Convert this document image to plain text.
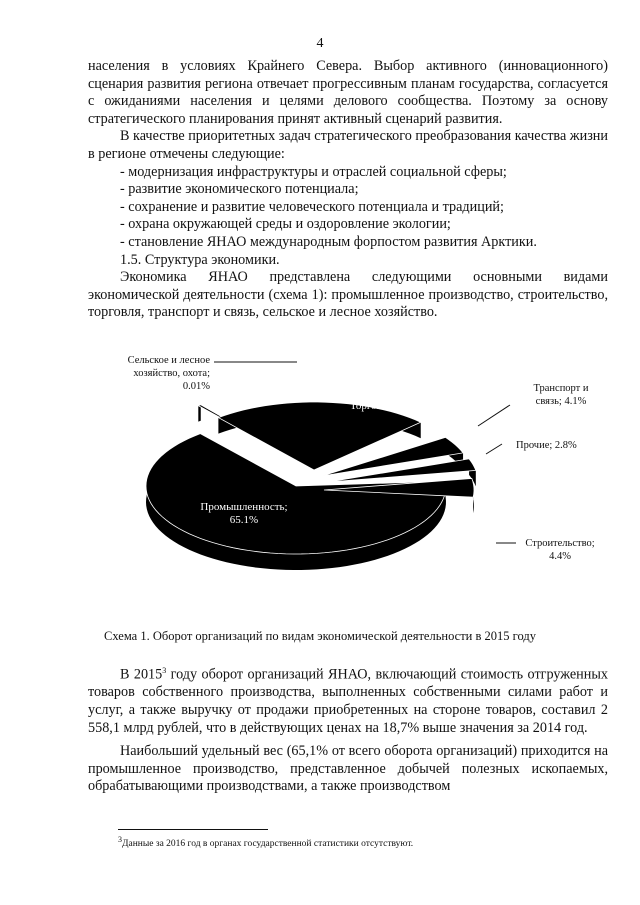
4

населения в условиях Крайнего Севера. Выбор активного (инновационного) сценария развития региона отвечает прогрессивным планам государства, согласуется с ожиданиями населения и целями делового сообщества. Поэтому за основу стратегического планирования принят активный сценарий развития.

В качестве приоритетных задач стратегического преобразования качества жизни в регионе отмечены следующие:

- модернизация инфраструктуры и отраслей социальной сферы;

- развитие экономического потенциала;

- сохранение и развитие человеческого потенциала и традиций;

- охрана окружающей среды и оздоровление экологии;

- становление ЯНАО международным форпостом развития Арктики.

1.5. Структура экономики.

Экономика ЯНАО представлена следующими основными видами экономической деятельности (схема 1): промышленное производство, строительство, торговля, транспорт и связь, сельское и лесное хозяйство.

Сельское и лесное
хозяйство, охота;
0.01%
Торговля; 23.6%
Транспорт и
связь; 4.1%
Прочие; 2.8%
Промышленность;
65.1%
Строительство;
4.4%
Схема 1. Оборот организаций по видам экономической деятельности в 2015 году

В 2015$^3$ году оборот организаций ЯНАО, включающий стоимость отгруженных товаров собственного производства, выполненных собственными силами работ и услуг, а также выручку от продажи приобретенных на стороне товаров, составил 2 558,1 млрд рублей, что в действующих ценах на 18,7% выше значения за 2014 год.

Наибольший удельный вес (65,1% от всего оборота организаций) приходится на промышленное производство, представленное добычей полезных ископаемых, обрабатывающими производствами, а также производством

$^3$Данные за 2016 год в органах государственной статистики отсутствуют.
